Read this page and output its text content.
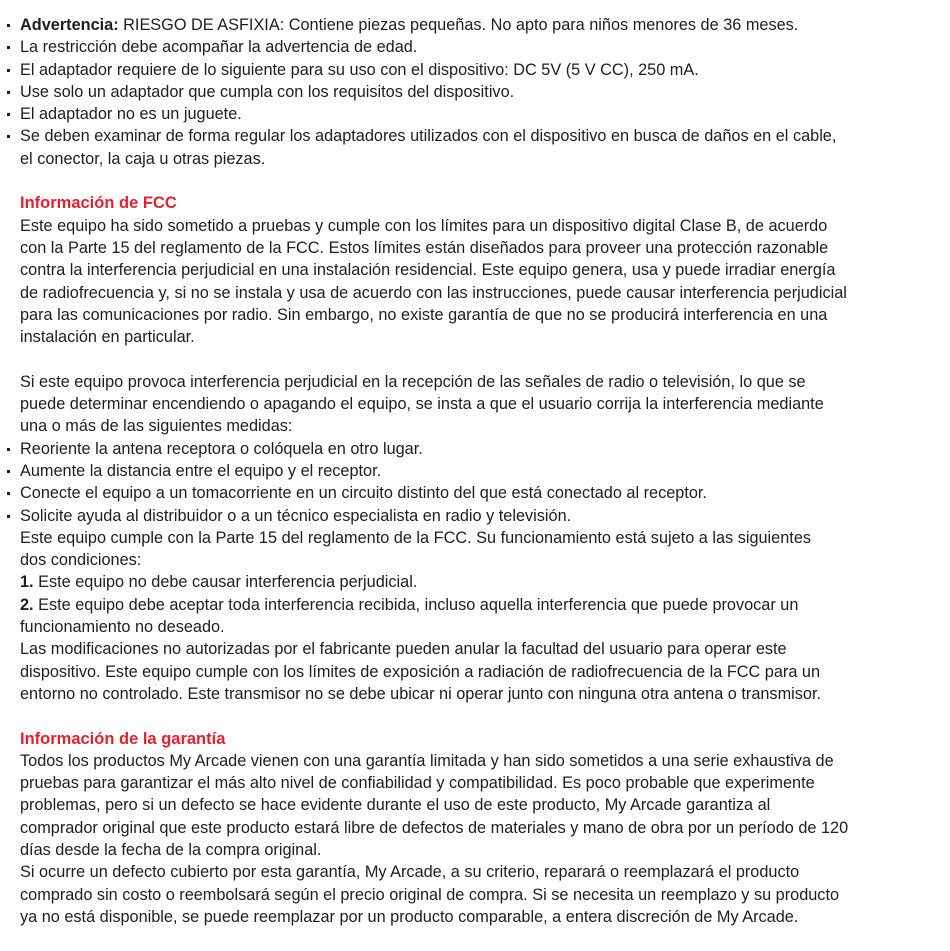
Advertencia: RIESGO DE ASFIXIA: Contiene piezas pequeñas. No apto para niños menores de 36 meses.
La restricción debe acompañar la advertencia de edad.
El adaptador requiere de lo siguiente para su uso con el dispositivo: DC 5V (5 V CC), 250 mA.
Use solo un adaptador que cumpla con los requisitos del dispositivo.
El adaptador no es un juguete.
Se deben examinar de forma regular los adaptadores utilizados con el dispositivo en busca de daños en el cable,
el conector, la caja u otras piezas.
Información de FCC
Este equipo ha sido sometido a pruebas y cumple con los límites para un dispositivo digital Clase B, de acuerdo
con la Parte 15 del reglamento de la FCC. Estos límites están diseñados para proveer una protección razonable
contra la interferencia perjudicial en una instalación residencial. Este equipo genera, usa y puede irradiar energía
de radiofrecuencia y, si no se instala y usa de acuerdo con las instrucciones, puede causar interferencia perjudicial
para las comunicaciones por radio. Sin embargo, no existe garantía de que no se producirá interferencia en una
instalación en particular.
Si este equipo provoca interferencia perjudicial en la recepción de las señales de radio o televisión, lo que se
puede determinar encendiendo o apagando el equipo, se insta a que el usuario corrija la interferencia mediante
una o más de las siguientes medidas:
Reoriente la antena receptora o colóquela en otro lugar.
Aumente la distancia entre el equipo y el receptor.
Conecte el equipo a un tomacorriente en un circuito distinto del que está conectado al receptor.
Solicite ayuda al distribuidor o a un técnico especialista en radio y televisión.
Este equipo cumple con la Parte 15 del reglamento de la FCC. Su funcionamiento está sujeto a las siguientes
dos condiciones:
1. Este equipo no debe causar interferencia perjudicial.
2. Este equipo debe aceptar toda interferencia recibida, incluso aquella interferencia que puede provocar un
funcionamiento no deseado.
Las modificaciones no autorizadas por el fabricante pueden anular la facultad del usuario para operar este
dispositivo. Este equipo cumple con los límites de exposición a radiación de radiofrecuencia de la FCC para un
entorno no controlado. Este transmisor no se debe ubicar ni operar junto con ninguna otra antena o transmisor.
Información de la garantía
Todos los productos My Arcade vienen con una garantía limitada y han sido sometidos a una serie exhaustiva de
pruebas para garantizar el más alto nivel de confiabilidad y compatibilidad. Es poco probable que experimente
problemas, pero si un defecto se hace evidente durante el uso de este producto, My Arcade garantiza al
comprador original que este producto estará libre de defectos de materiales y mano de obra por un período de 120
días desde la fecha de la compra original.
Si ocurre un defecto cubierto por esta garantía, My Arcade, a su criterio, reparará o reemplazará el producto
comprado sin costo o reembolsará según el precio original de compra. Si se necesita un reemplazo y su producto
ya no está disponible, se puede reemplazar por un producto comparable, a entera discreción de My Arcade.
